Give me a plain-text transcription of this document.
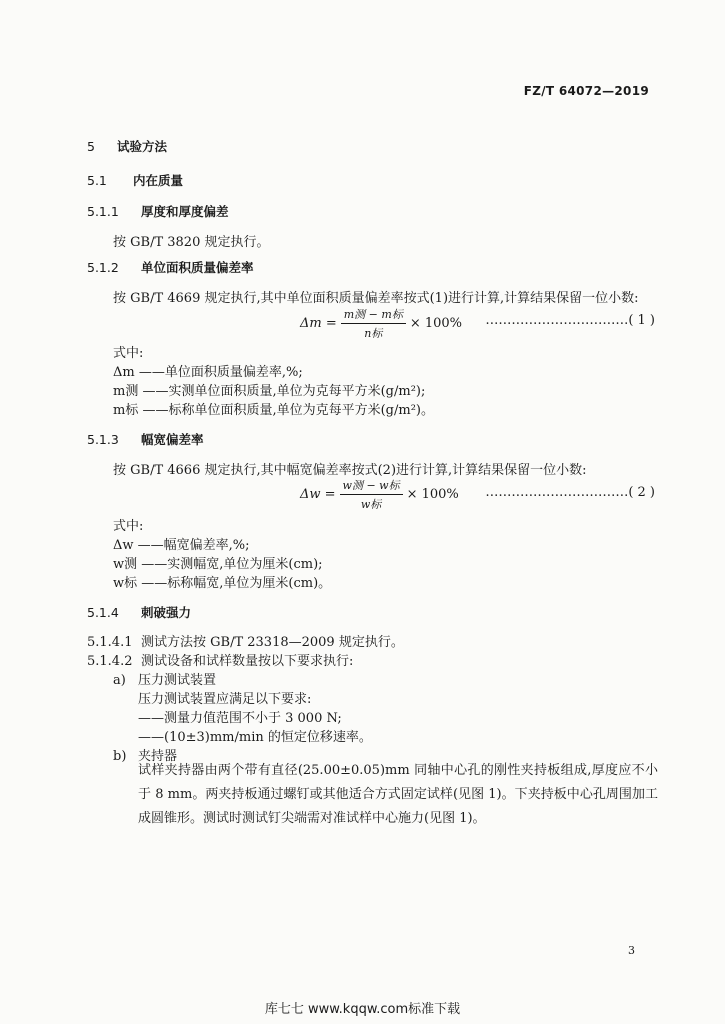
FZ/T 64072—2019
5 试验方法
5.1 内在质量
5.1.1 厚度和厚度偏差
按 GB/T 3820 规定执行。
5.1.2 单位面积质量偏差率
按 GB/T 4669 规定执行,其中单位面积质量偏差率按式(1)进行计算,计算结果保留一位小数:
$\Delta m = \frac{\text{m测 − m标}}{\text{n标}} \times 100\%$ ……………………………( 1 )
式中:
Δm ——单位面积质量偏差率,%;
m测 ——实测单位面积质量,单位为克每平方米(g/m²);
m标 ——标称单位面积质量,单位为克每平方米(g/m²)。
5.1.3 幅宽偏差率
按 GB/T 4666 规定执行,其中幅宽偏差率按式(2)进行计算,计算结果保留一位小数:
$\Delta w = \frac{\text{w测 − w标}}{\text{w标}} \times 100\%$ ……………………………( 2 )
式中:
Δw ——幅宽偏差率,%;
w测 ——实测幅宽,单位为厘米(cm);
w标 ——标称幅宽,单位为厘米(cm)。
5.1.4 刺破强力
5.1.4.1 测试方法按 GB/T 23318—2009 规定执行。
5.1.4.2 测试设备和试样数量按以下要求执行:
a) 压力测试装置
压力测试装置应满足以下要求:
——测量力值范围不小于 3 000 N;
——(10±3)mm/min 的恒定位移速率。
b) 夹持器
试样夹持器由两个带有直径(25.00±0.05)mm 同轴中心孔的刚性夹持板组成,厚度应不小于 8 mm。两夹持板通过螺钉或其他适合方式固定试样(见图 1)。下夹持板中心孔周围加工成圆锥形。测试时测试钉尖端需对准试样中心施力(见图 1)。
3
库七七 www.kqqw.com标准下载
